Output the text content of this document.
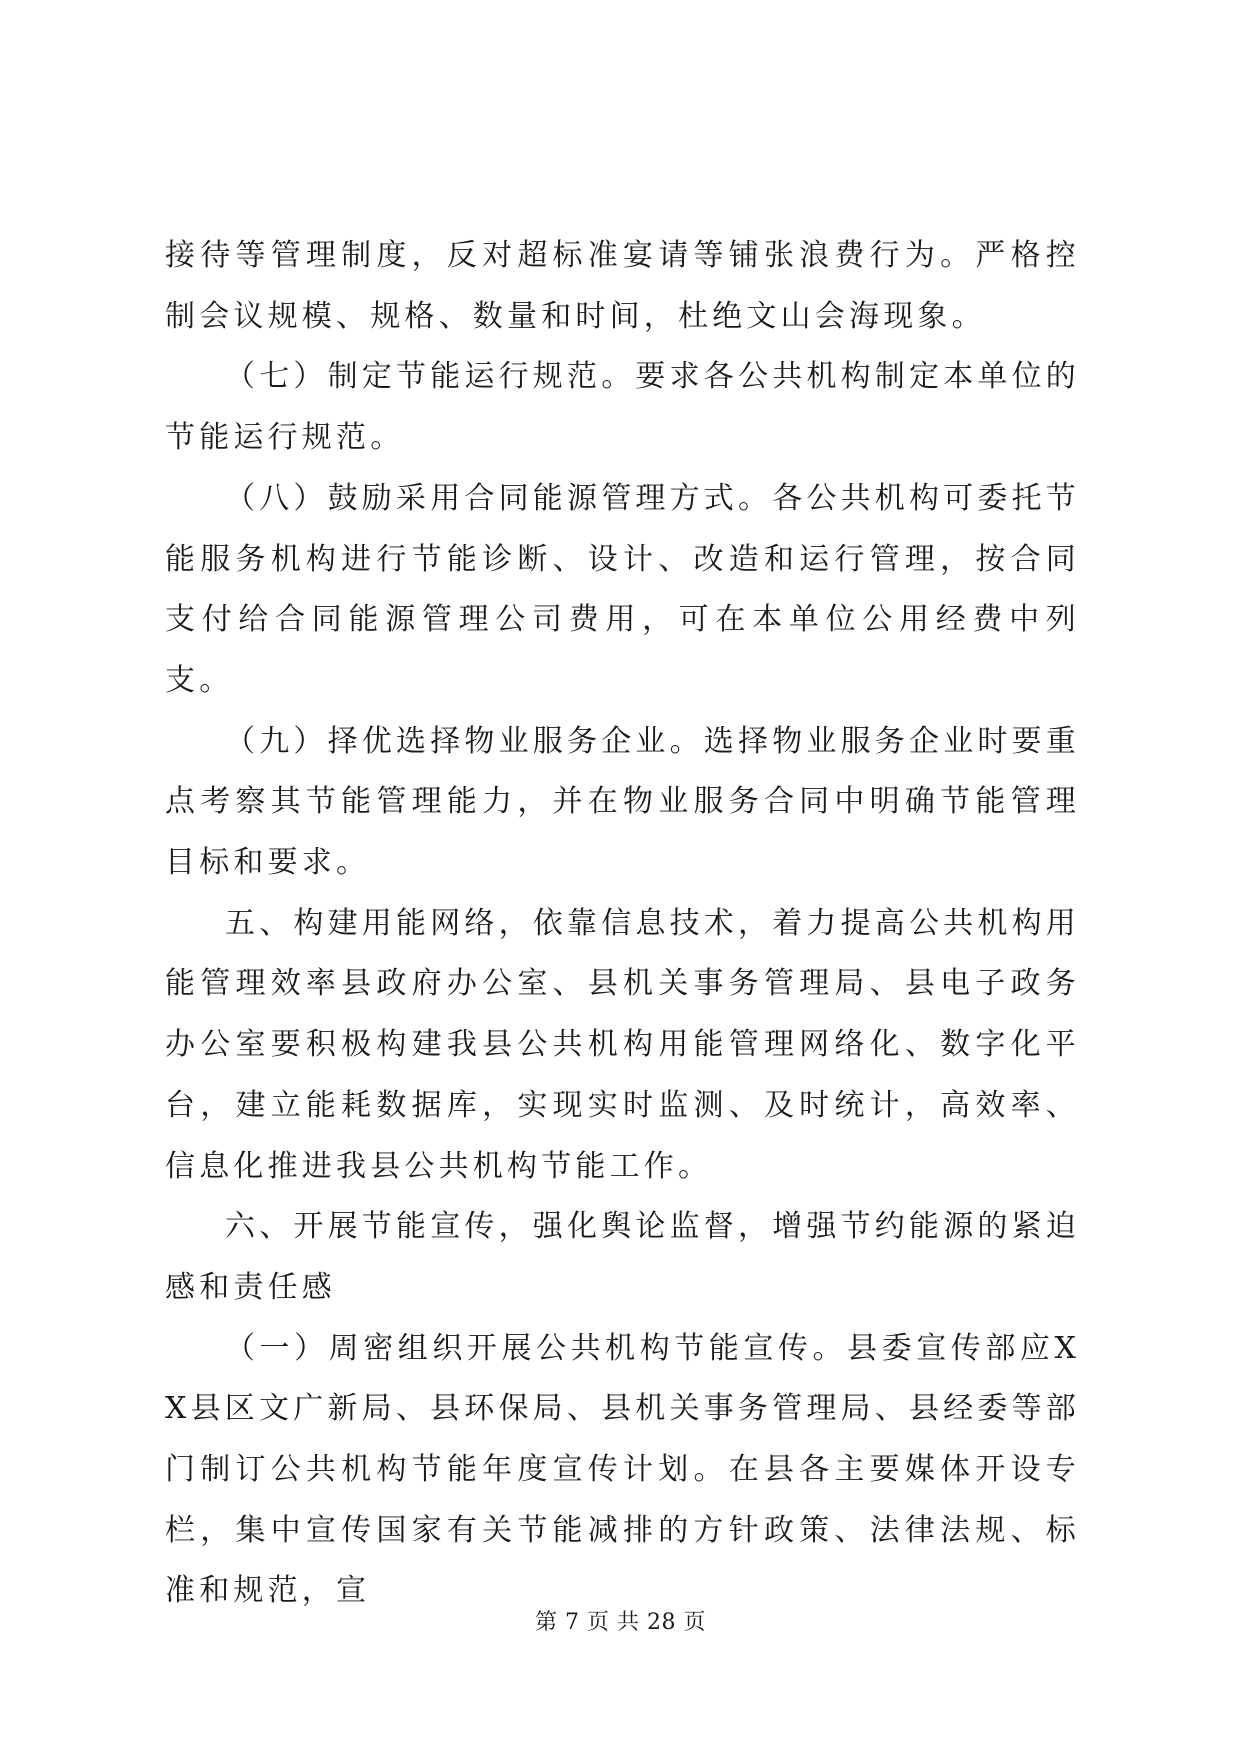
接待等管理制度，反对超标准宴请等铺张浪费行为。严格控制会议规模、规格、数量和时间，杜绝文山会海现象。

（七）制定节能运行规范。要求各公共机构制定本单位的节能运行规范。

（八）鼓励采用合同能源管理方式。各公共机构可委托节能服务机构进行节能诊断、设计、改造和运行管理，按合同支付给合同能源管理公司费用，可在本单位公用经费中列支。

（九）择优选择物业服务企业。选择物业服务企业时要重点考察其节能管理能力，并在物业服务合同中明确节能管理目标和要求。

五、构建用能网络，依靠信息技术，着力提高公共机构用能管理效率县政府办公室、县机关事务管理局、县电子政务办公室要积极构建我县公共机构用能管理网络化、数字化平台，建立能耗数据库，实现实时监测、及时统计，高效率、信息化推进我县公共机构节能工作。

六、开展节能宣传，强化舆论监督，增强节约能源的紧迫感和责任感

（一）周密组织开展公共机构节能宣传。县委宣传部应XX县区文广新局、县环保局、县机关事务管理局、县经委等部门制订公共机构节能年度宣传计划。在县各主要媒体开设专栏，集中宣传国家有关节能减排的方针政策、法律法规、标准和规范，宣

第 7 页 共 28 页
